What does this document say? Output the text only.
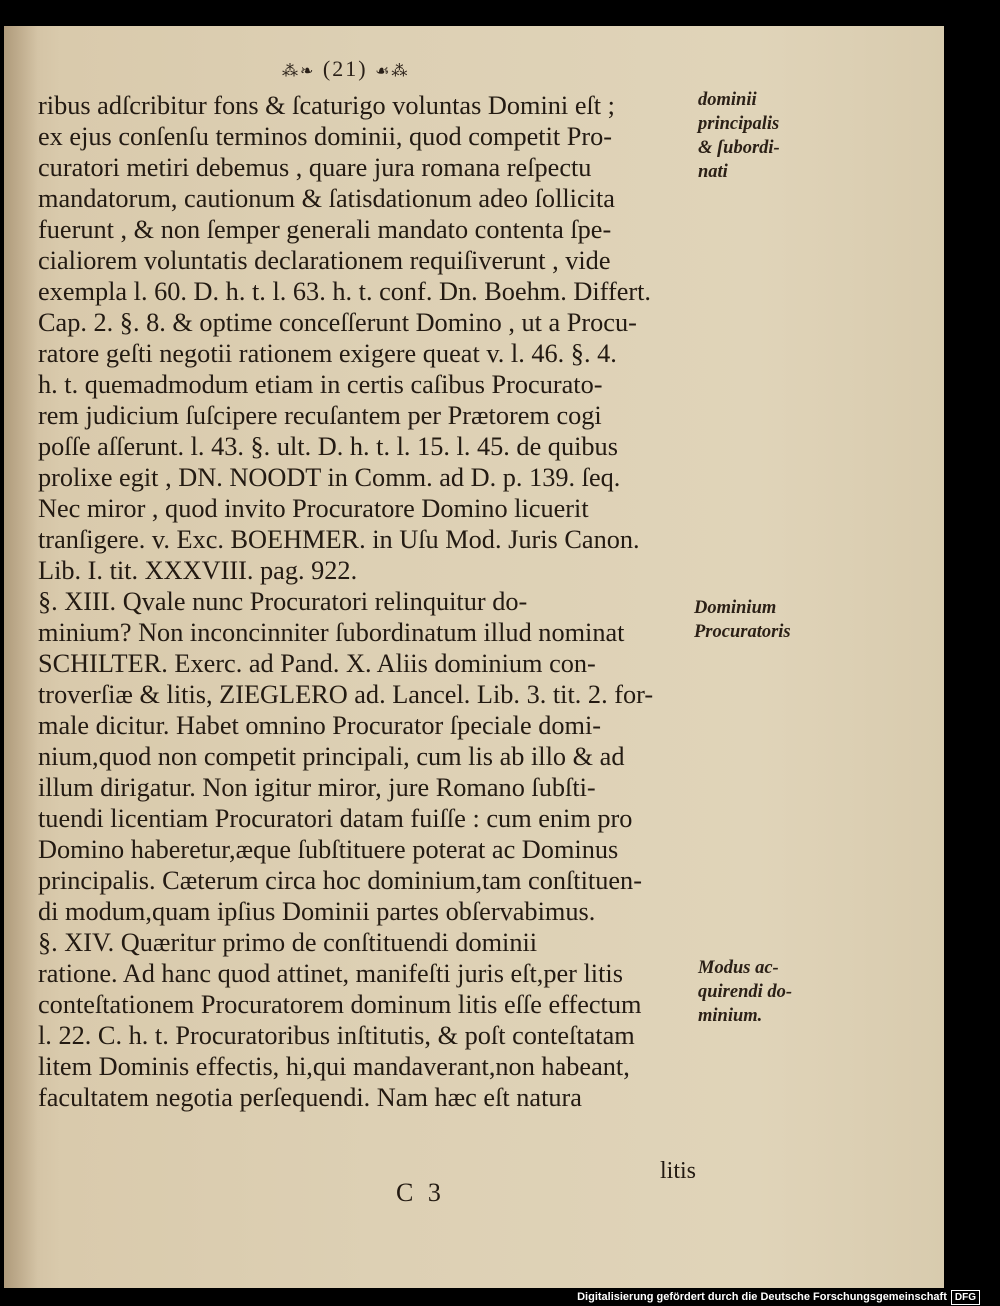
⁂❧ (21) ☙⁂
ribus adſcribitur fons & ſcaturigo voluntas Domini eſt ;
ex ejus conſenſu terminos dominii, quod competit Pro-
curatori metiri debemus , quare jura romana reſpectu
mandatorum, cautionum & ſatisdationum adeo ſollicita
fuerunt , & non ſemper generali mandato contenta ſpe-
cialiorem voluntatis declarationem requiſiverunt , vide
exempla l. 60. D. h. t. l. 63. h. t. conf. Dn. Boehm. Differt.
Cap. 2. §. 8. & optime conceſſerunt Domino , ut a Procu-
ratore geſti negotii rationem exigere queat v. l. 46. §. 4.
h. t. quemadmodum etiam in certis caſibus Procurato-
rem judicium ſuſcipere recuſantem per Prætorem cogi
poſſe aſſerunt. l. 43. §. ult. D. h. t. l. 15. l. 45. de quibus
prolixe egit , DN. NOODT in Comm. ad D. p. 139. ſeq.
Nec miror , quod invito Procuratore Domino licuerit
tranſigere. v. Exc. BOEHMER. in Uſu Mod. Juris Canon.
Lib. I. tit. XXXVIII. pag. 922.
§. XIII. Qvale nunc Procuratori relinquitur do-
minium? Non inconcinniter ſubordinatum illud nominat
SCHILTER. Exerc. ad Pand. X. Aliis dominium con-
troverſiæ & litis, ZIEGLERO ad. Lancel. Lib. 3. tit. 2. for-
male dicitur. Habet omnino Procurator ſpeciale domi-
nium,quod non competit principali, cum lis ab illo & ad
illum dirigatur. Non igitur miror, jure Romano ſubſti-
tuendi licentiam Procuratori datam fuiſſe : cum enim pro
Domino haberetur,æque ſubſtituere poterat ac Dominus
principalis. Cæterum circa hoc dominium,tam conſtituen-
di modum,quam ipſius Dominii partes obſervabimus.
§. XIV. Quæritur primo de conſtituendi dominii
ratione. Ad hanc quod attinet, manifeſti juris eſt,per litis
conteſtationem Procuratorem dominum litis eſſe effectum
l. 22. C. h. t. Procuratoribus inſtitutis, & poſt conteſtatam
litem Dominis effectis, hi,qui mandaverant,non habeant,
facultatem negotia perſequendi. Nam hæc eſt natura
dominii
principalis
& ſubordi-
nati
Dominium
Procuratoris
Modus ac-
quirendi do-
minium.
litis
C 3
Digitalisierung gefördert durch die Deutsche Forschungsgemeinschaft DFG
